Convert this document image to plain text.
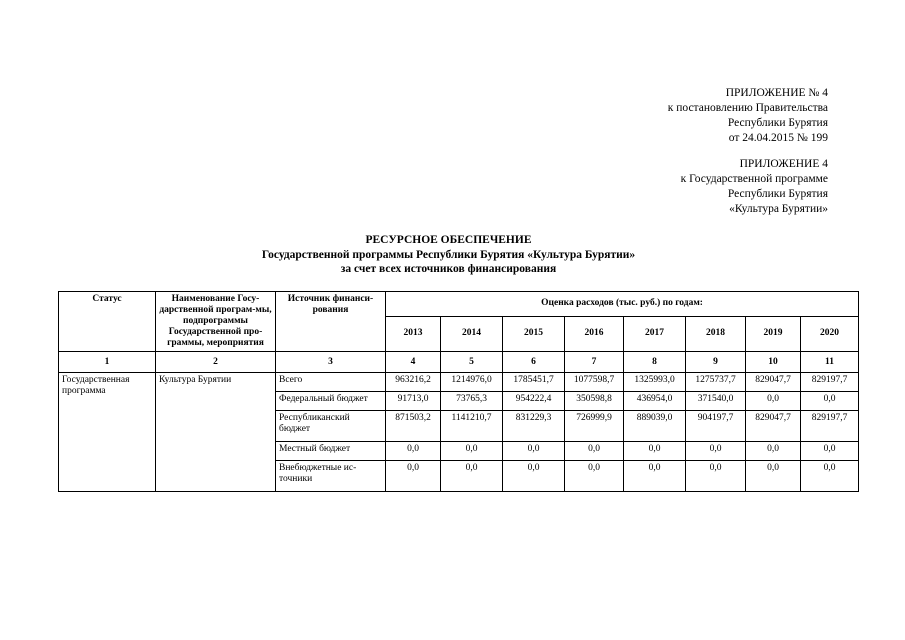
ПРИЛОЖЕНИЕ № 4
к постановлению Правительства
Республики Бурятия
от 24.04.2015 № 199
ПРИЛОЖЕНИЕ 4
к Государственной программе
Республики Бурятия
«Культура Бурятии»
РЕСУРСНОЕ ОБЕСПЕЧЕНИЕ
Государственной программы Республики Бурятия «Культура Бурятии»
за счет всех источников финансирования
Статус	Наименование Госу-дарственной програм-мы, подпрограммы Государственной про-граммы, мероприятия	Источник финанси-рования	Оценка расходов (тыс. руб.) по годам:							
			2013	2014	2015	2016	2017	2018	2019	2020
1	2	3	4	5	6	7	8	9	10	11
Государственная программа	Культура Бурятии	Всего	963216,2	1214976,0	1785451,7	1077598,7	1325993,0	1275737,7	829047,7	829197,7
		Федеральный бюджет	91713,0	73765,3	954222,4	350598,8	436954,0	371540,0	0,0	0,0
		Республиканский бюджет	871503,2	1141210,7	831229,3	726999,9	889039,0	904197,7	829047,7	829197,7
		Местный бюджет	0,0	0,0	0,0	0,0	0,0	0,0	0,0	0,0
		Внебюджетные ис-точники	0,0	0,0	0,0	0,0	0,0	0,0	0,0	0,0
